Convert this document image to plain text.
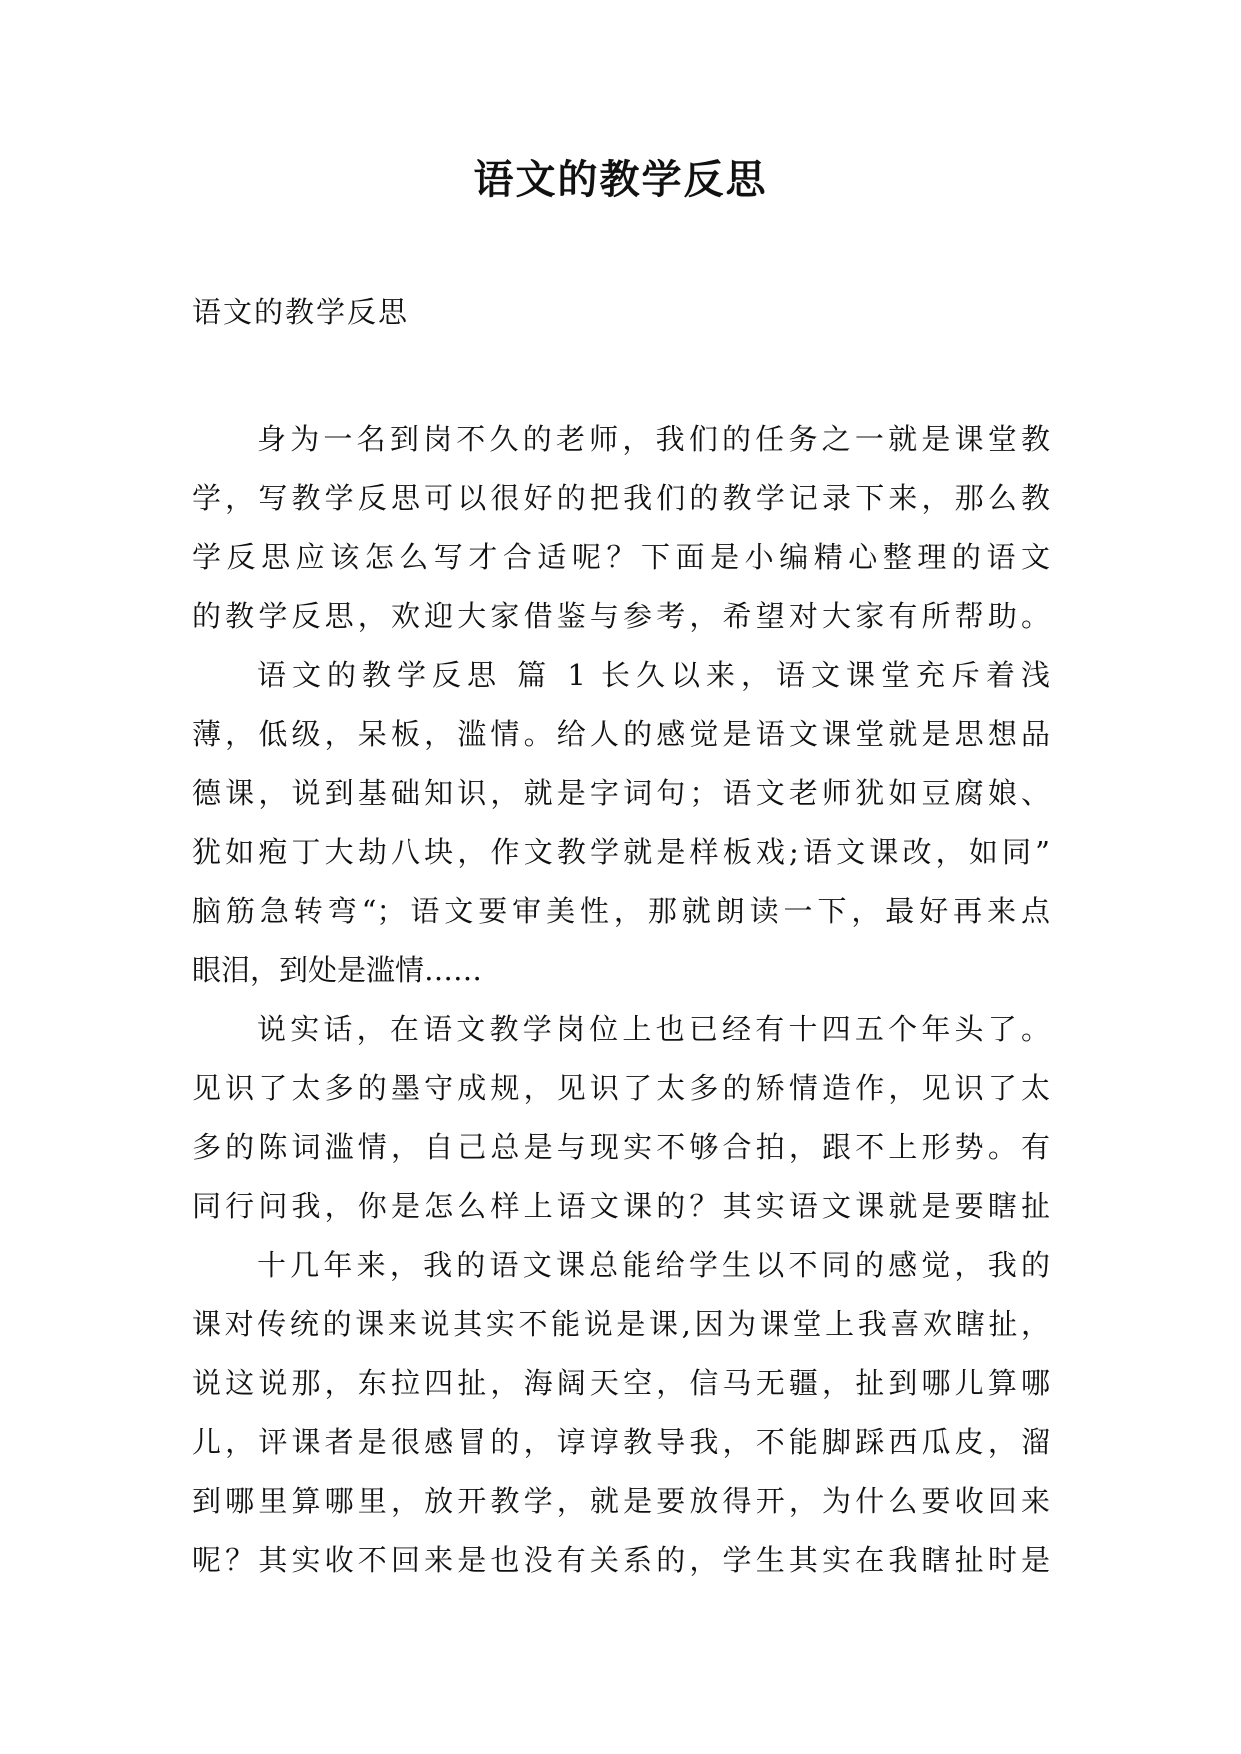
语文的教学反思
语文的教学反思
身为一名到岗不久的老师，我们的任务之一就是课堂教
学，写教学反思可以很好的把我们的教学记录下来，那么教
学反思应该怎么写才合适呢？下面是小编精心整理的语文
的教学反思，欢迎大家借鉴与参考，希望对大家有所帮助。
语文的教学反思 篇 1 长久以来，语文课堂充斥着浅
薄，低级，呆板，滥情。给人的感觉是语文课堂就是思想品
德课，说到基础知识，就是字词句；语文老师犹如豆腐娘、
犹如疱丁大劫八块，作文教学就是样板戏;语文课改，如同”
脑筋急转弯“；语文要审美性，那就朗读一下，最好再来点
眼泪，到处是滥情……
说实话，在语文教学岗位上也已经有十四五个年头了。
见识了太多的墨守成规，见识了太多的矫情造作，见识了太
多的陈词滥情，自己总是与现实不够合拍，跟不上形势。有
同行问我，你是怎么样上语文课的？其实语文课就是要瞎扯
十几年来，我的语文课总能给学生以不同的感觉，我的
课对传统的课来说其实不能说是课,因为课堂上我喜欢瞎扯，
说这说那，东拉四扯，海阔天空，信马无疆，扯到哪儿算哪
儿，评课者是很感冒的，谆谆教导我，不能脚踩西瓜皮，溜
到哪里算哪里，放开教学，就是要放得开，为什么要收回来
呢？其实收不回来是也没有关系的，学生其实在我瞎扯时是
